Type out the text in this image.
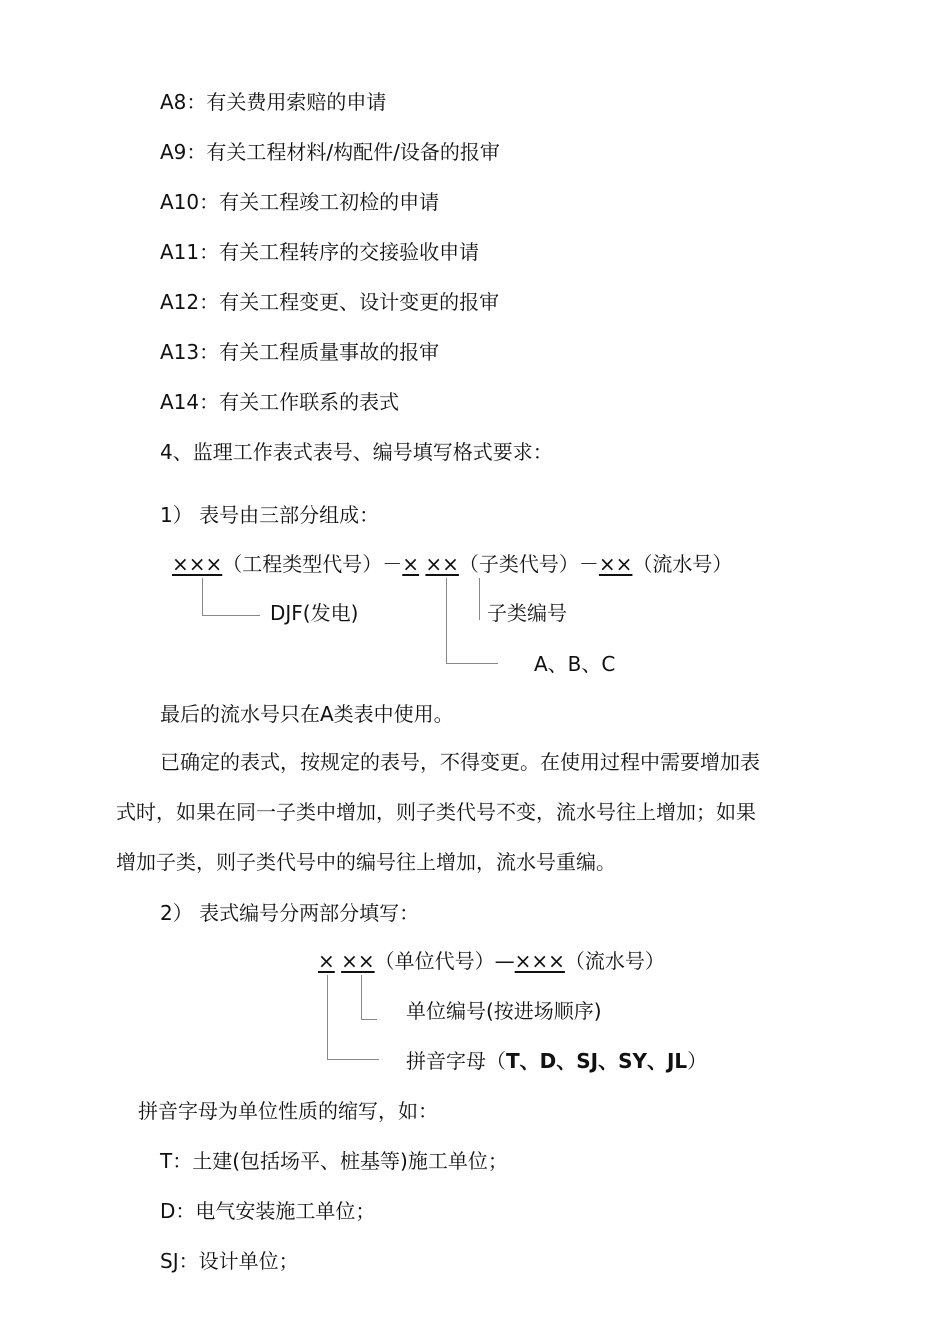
A8：有关费用索赔的申请
A9：有关工程材料/构配件/设备的报审
A10：有关工程竣工初检的申请
A11：有关工程转序的交接验收申请
A12：有关工程变更、设计变更的报审
A13：有关工程质量事故的报审
A14：有关工作联系的表式
4、监理工作表式表号、编号填写格式要求：
1） 表号由三部分组成：
×××（工程类型代号）－× ××（子类代号）－××（流水号）
DJF(发电)
A、B、C
子类编号
最后的流水号只在A类表中使用。
已确定的表式，按规定的表号，不得变更。在使用过程中需要增加表
式时，如果在同一子类中增加，则子类代号不变，流水号往上增加；如果
增加子类，则子类代号中的编号往上增加，流水号重编。
2） 表式编号分两部分填写：
× ××（单位代号）—×××（流水号）
单位编号(按进场顺序)
拼音字母（T、D、SJ、SY、JL）
拼音字母为单位性质的缩写，如：
T：土建(包括场平、桩基等)施工单位；
D：电气安装施工单位；
SJ：设计单位；
